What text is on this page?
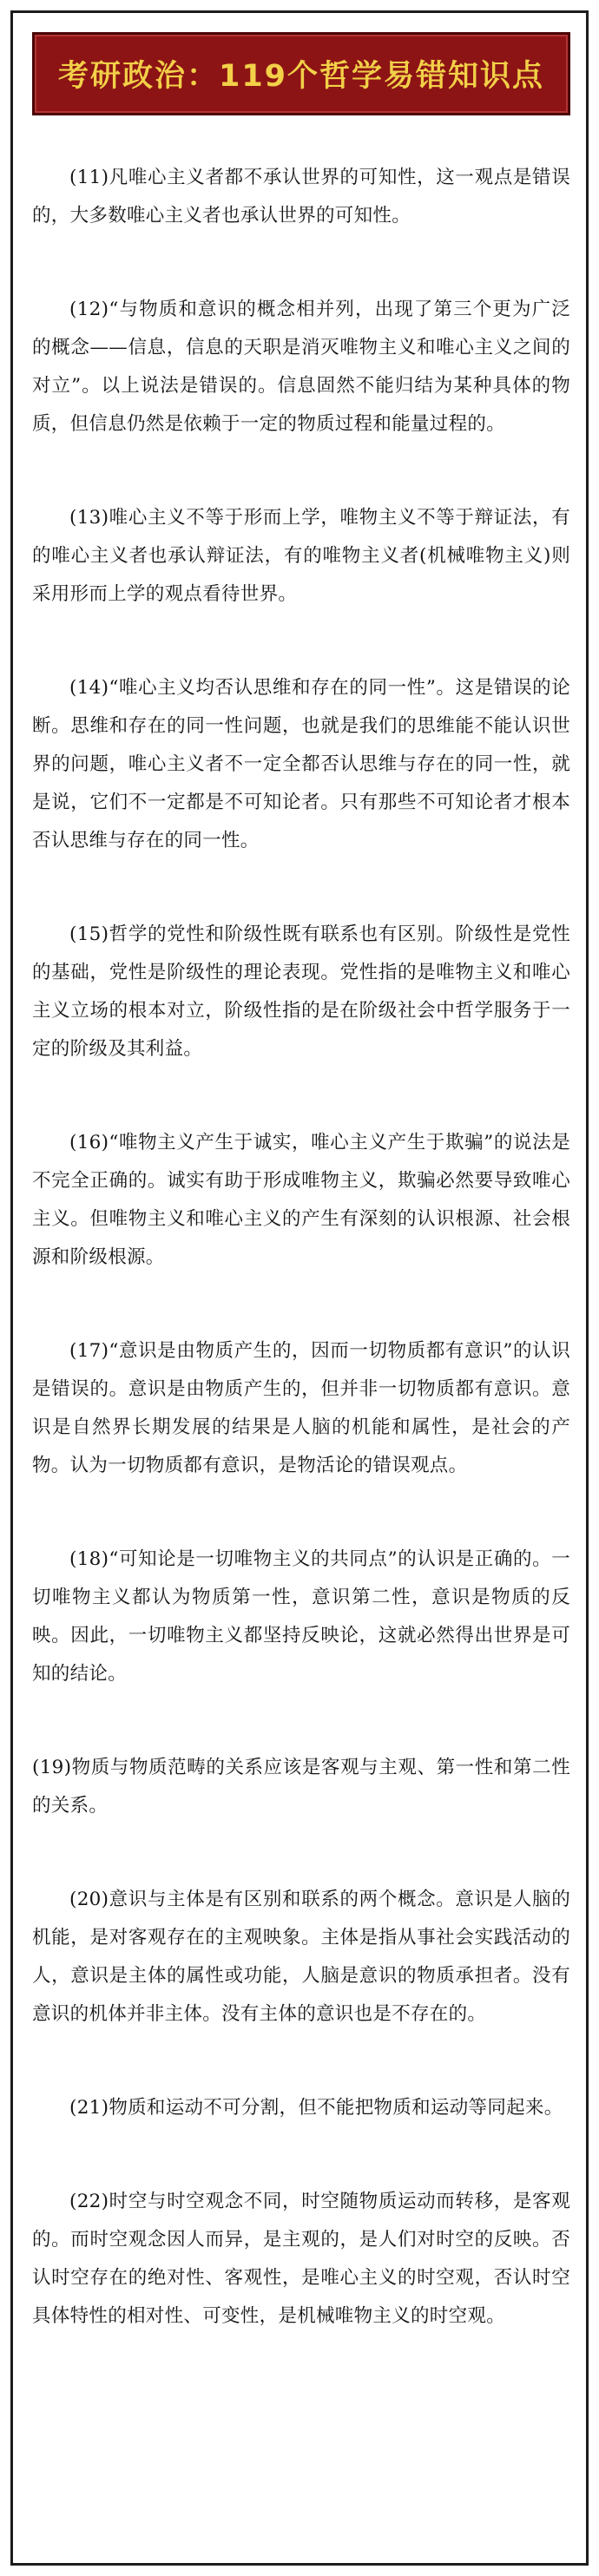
考研政治：119个哲学易错知识点

(11)凡唯心主义者都不承认世界的可知性，这一观点是错误的，大多数唯心主义者也承认世界的可知性。

(12)“与物质和意识的概念相并列，出现了第三个更为广泛的概念——信息，信息的天职是消灭唯物主义和唯心主义之间的对立”。以上说法是错误的。信息固然不能归结为某种具体的物质，但信息仍然是依赖于一定的物质过程和能量过程的。

(13)唯心主义不等于形而上学，唯物主义不等于辩证法，有的唯心主义者也承认辩证法，有的唯物主义者(机械唯物主义)则采用形而上学的观点看待世界。

(14)“唯心主义均否认思维和存在的同一性”。这是错误的论断。思维和存在的同一性问题，也就是我们的思维能不能认识世界的问题，唯心主义者不一定全都否认思维与存在的同一性，就是说，它们不一定都是不可知论者。只有那些不可知论者才根本否认思维与存在的同一性。

(15)哲学的党性和阶级性既有联系也有区别。阶级性是党性的基础，党性是阶级性的理论表现。党性指的是唯物主义和唯心主义立场的根本对立，阶级性指的是在阶级社会中哲学服务于一定的阶级及其利益。

(16)“唯物主义产生于诚实，唯心主义产生于欺骗”的说法是不完全正确的。诚实有助于形成唯物主义，欺骗必然要导致唯心主义。但唯物主义和唯心主义的产生有深刻的认识根源、社会根源和阶级根源。

(17)“意识是由物质产生的，因而一切物质都有意识”的认识是错误的。意识是由物质产生的，但并非一切物质都有意识。意识是自然界长期发展的结果是人脑的机能和属性，是社会的产物。认为一切物质都有意识，是物活论的错误观点。

(18)“可知论是一切唯物主义的共同点”的认识是正确的。一切唯物主义都认为物质第一性，意识第二性，意识是物质的反映。因此，一切唯物主义都坚持反映论，这就必然得出世界是可知的结论。

(19)物质与物质范畴的关系应该是客观与主观、第一性和第二性的关系。

(20)意识与主体是有区别和联系的两个概念。意识是人脑的机能，是对客观存在的主观映象。主体是指从事社会实践活动的人，意识是主体的属性或功能，人脑是意识的物质承担者。没有意识的机体并非主体。没有主体的意识也是不存在的。

(21)物质和运动不可分割，但不能把物质和运动等同起来。

(22)时空与时空观念不同，时空随物质运动而转移，是客观的。而时空观念因人而异，是主观的，是人们对时空的反映。否认时空存在的绝对性、客观性，是唯心主义的时空观，否认时空具体特性的相对性、可变性，是机械唯物主义的时空观。
